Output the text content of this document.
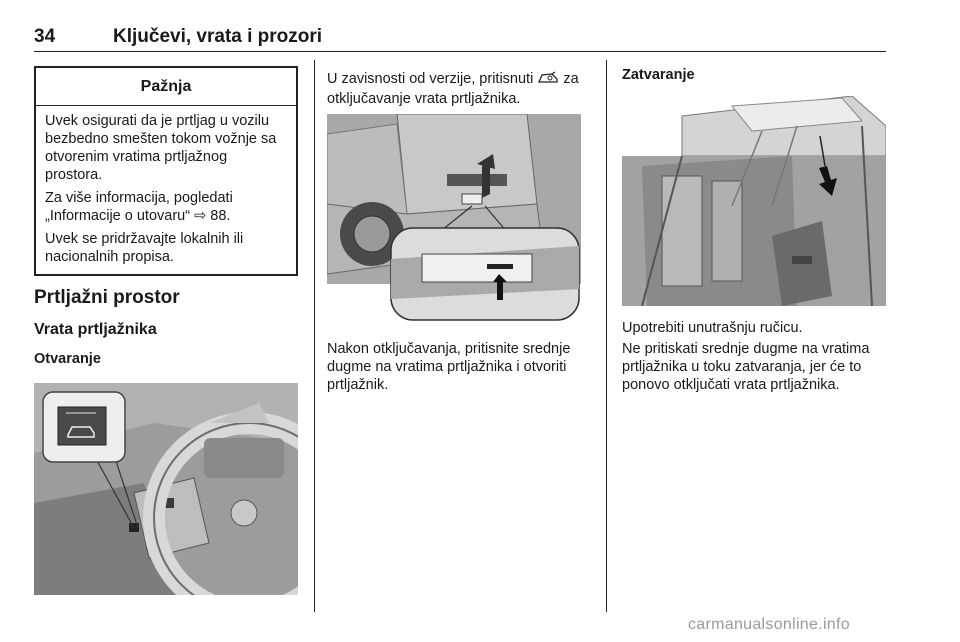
34	Ključevi, vrata i prozori
Pažnja

Uvek osigurati da je prtljag u vozilu bezbedno smešten tokom vožnje sa otvorenim vratima prtljažnog prostora.

Za više informacija, pogledati

„Informacije o utovaru“ ⇨ 88.

Uvek se pridržavajte lokalnih ili nacionalnih propisa.

Prtljažni prostor
Vrata prtljažnika
Otvaranje
U zavisnosti od verzije, pritisnuti za otključavanje vrata prtljažnika.
Nakon otključavanja, pritisnite srednje dugme na vratima prtljažnika i otvoriti prtljažnik.
Zatvaranje

Upotrebiti unutrašnju ručicu.

Ne pritiskati srednje dugme na vratima prtljažnika u toku zatvaranja, jer će to ponovo otključati vrata prtljažnika.

carmanualsonline.info
